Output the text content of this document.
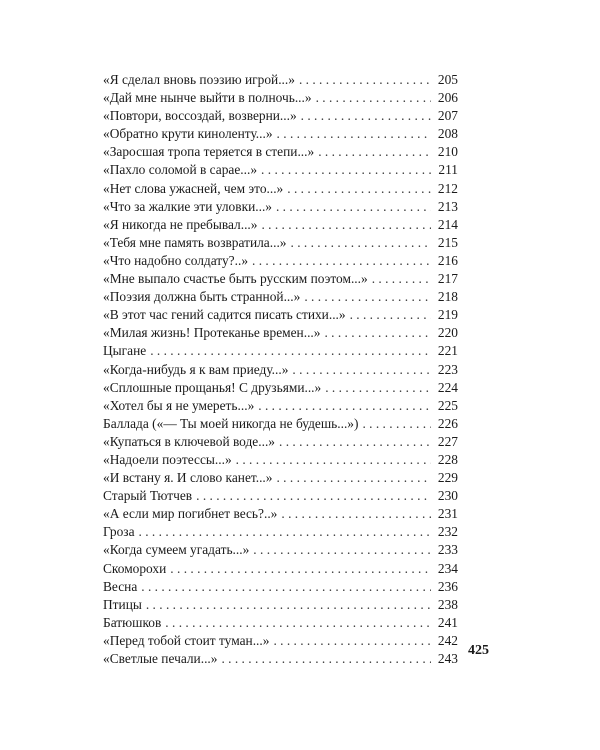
«Я сделал вновь поэзию игрой...» . . .	205
«Дай мне нынче выйти в полночь...» . . .	206
«Повтори, воссоздай, возверни...» . . .	207
«Обратно крути киноленту...» . . .	208
«Заросшая тропа теряется в степи...» . . .	210
«Пахло соломой в сарае...» . . .	211
«Нет слова ужасней, чем это...» . . .	212
«Что за жалкие эти уловки...» . . .	213
«Я никогда не пребывал...» . . .	214
«Тебя мне память возвратила...» . . .	215
«Что надобно солдату?..» . . .	216
«Мне выпало счастье быть русским поэтом...» . . .	217
«Поэзия должна быть странной...» . . .	218
«В этот час гений садится писать стихи...» . . .	219
«Милая жизнь! Протеканье времен...» . . .	220
Цыгане . . .	221
«Когда-нибудь я к вам приеду...» . . .	223
«Сплошные прощанья! С друзьями...» . . .	224
«Хотел бы я не умереть...» . . .	225
Баллада («— Ты моей никогда не будешь...») . . .	226
«Купаться в ключевой воде...» . . .	227
«Надоели поэтессы...» . . .	228
«И встану я. И слово канет...» . . .	229
Старый Тютчев . . .	230
«А если мир погибнет весь?..» . . .	231
Гроза . . .	232
«Когда сумеем угадать...» . . .	233
Скоморохи . . .	234
Весна . . .	236
Птицы . . .	238
Батюшков . . .	241
«Перед тобой стоит туман...» . . .	242
«Светлые печали...» . . .	243
425
